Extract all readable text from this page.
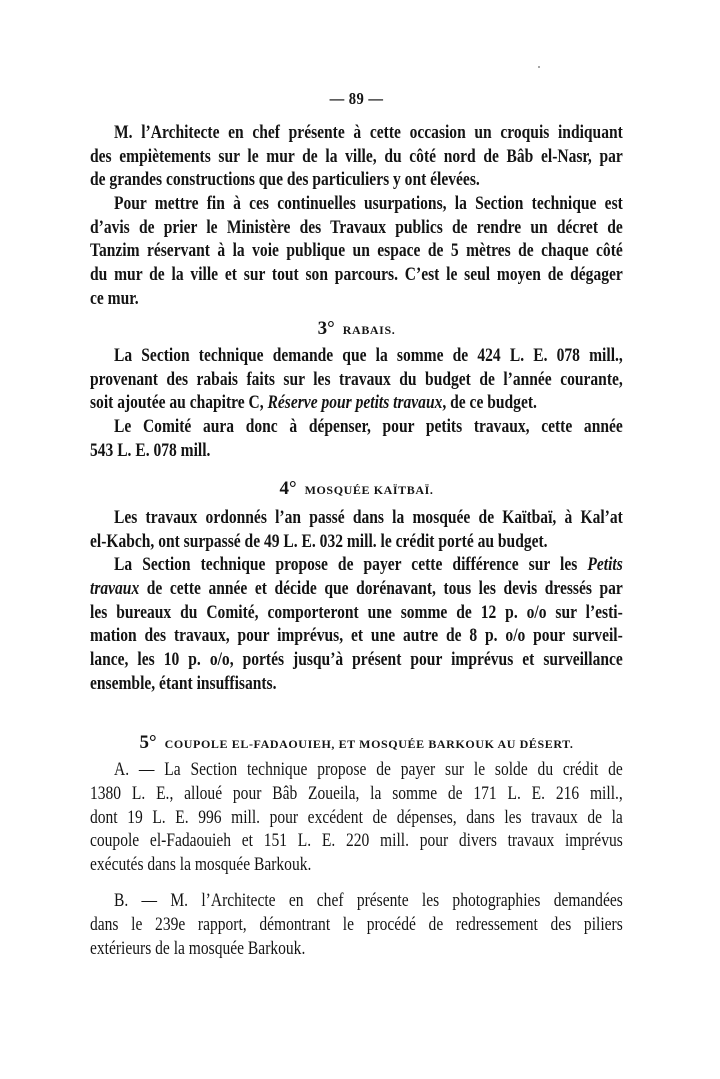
— 89 —
M. l’Architecte en chef présente à cette occasion un croquis indiquant
des empiètements sur le mur de la ville, du côté nord de Bâb el-Nasr, par
de grandes constructions que des particuliers y ont élevées.
Pour mettre fin à ces continuelles usurpations, la Section technique est
d’avis de prier le Ministère des Travaux publics de rendre un décret de
Tanzim réservant à la voie publique un espace de 5 mètres de chaque côté
du mur de la ville et sur tout son parcours. C’est le seul moyen de dégager
ce mur.
3° RABAIS.
La Section technique demande que la somme de 424 L. E. 078 mill.,
provenant des rabais faits sur les travaux du budget de l’année courante,
soit ajoutée au chapitre C, Réserve pour petits travaux, de ce budget.
Le Comité aura donc à dépenser, pour petits travaux, cette année
543 L. E. 078 mill.
4° MOSQUÉE KAÏTBAÏ.
Les travaux ordonnés l’an passé dans la mosquée de Kaïtbaï, à Kal’at
el-Kabch, ont surpassé de 49 L. E. 032 mill. le crédit porté au budget.
La Section technique propose de payer cette différence sur les Petits
travaux de cette année et décide que dorénavant, tous les devis dressés par
les bureaux du Comité, comporteront une somme de 12 p. o/o sur l’esti-
mation des travaux, pour imprévus, et une autre de 8 p. o/o pour surveil-
lance, les 10 p. o/o, portés jusqu’à présent pour imprévus et surveillance
ensemble, étant insuffisants.
5° COUPOLE EL-FADAOUIEH, ET MOSQUÉE BARKOUK AU DÉSERT.
A. — La Section technique propose de payer sur le solde du crédit de
1380 L. E., alloué pour Bâb Zoueila, la somme de 171 L. E. 216 mill.,
dont 19 L. E. 996 mill. pour excédent de dépenses, dans les travaux de la
coupole el-Fadaouieh et 151 L. E. 220 mill. pour divers travaux imprévus
exécutés dans la mosquée Barkouk.
B. — M. l’Architecte en chef présente les photographies demandées
dans le 239e rapport, démontrant le procédé de redressement des piliers
extérieurs de la mosquée Barkouk.
